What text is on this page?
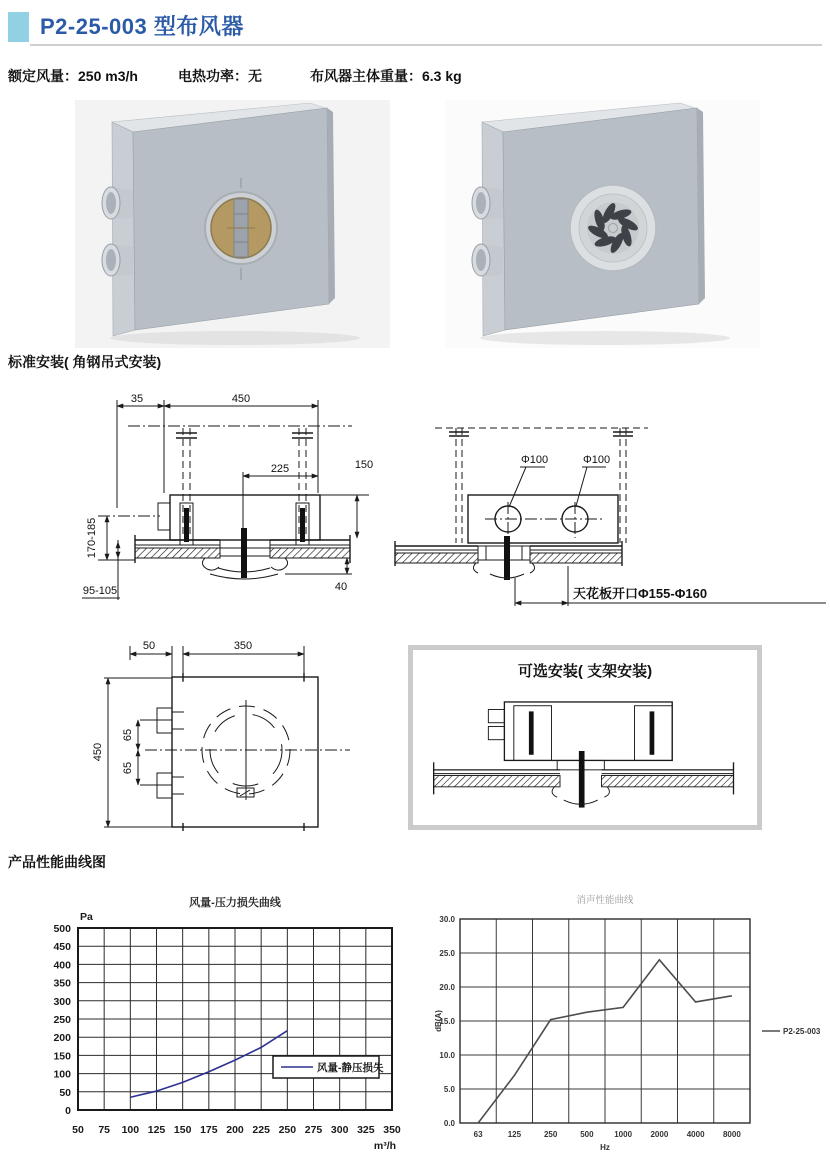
P2-25-003 型布风器
额定风量：250 m3/h	电热功率：无	布风器主体重量：6.3 kg
标准安装( 角钢吊式安装)
35	450
225	150
170-185
95-105	40
Φ100	Φ100
天花板开口Φ155-Φ160
50	350
450
65
65
可选安装( 支架安装)
产品性能曲线图
50 75 100 125 150 175 200 225 250 275 300 325 350
0
50
100
150
200
250
300
350
400
450
500
风量-压力损失曲线
Pa
m³/h
风量-静压损失
63	125	250	500	1000 2000 4000 8000
0.0
5.0
10.0
15.0
20.0
25.0
30.0
消声性能曲线
Hz
dB(A)	P2-25-003
